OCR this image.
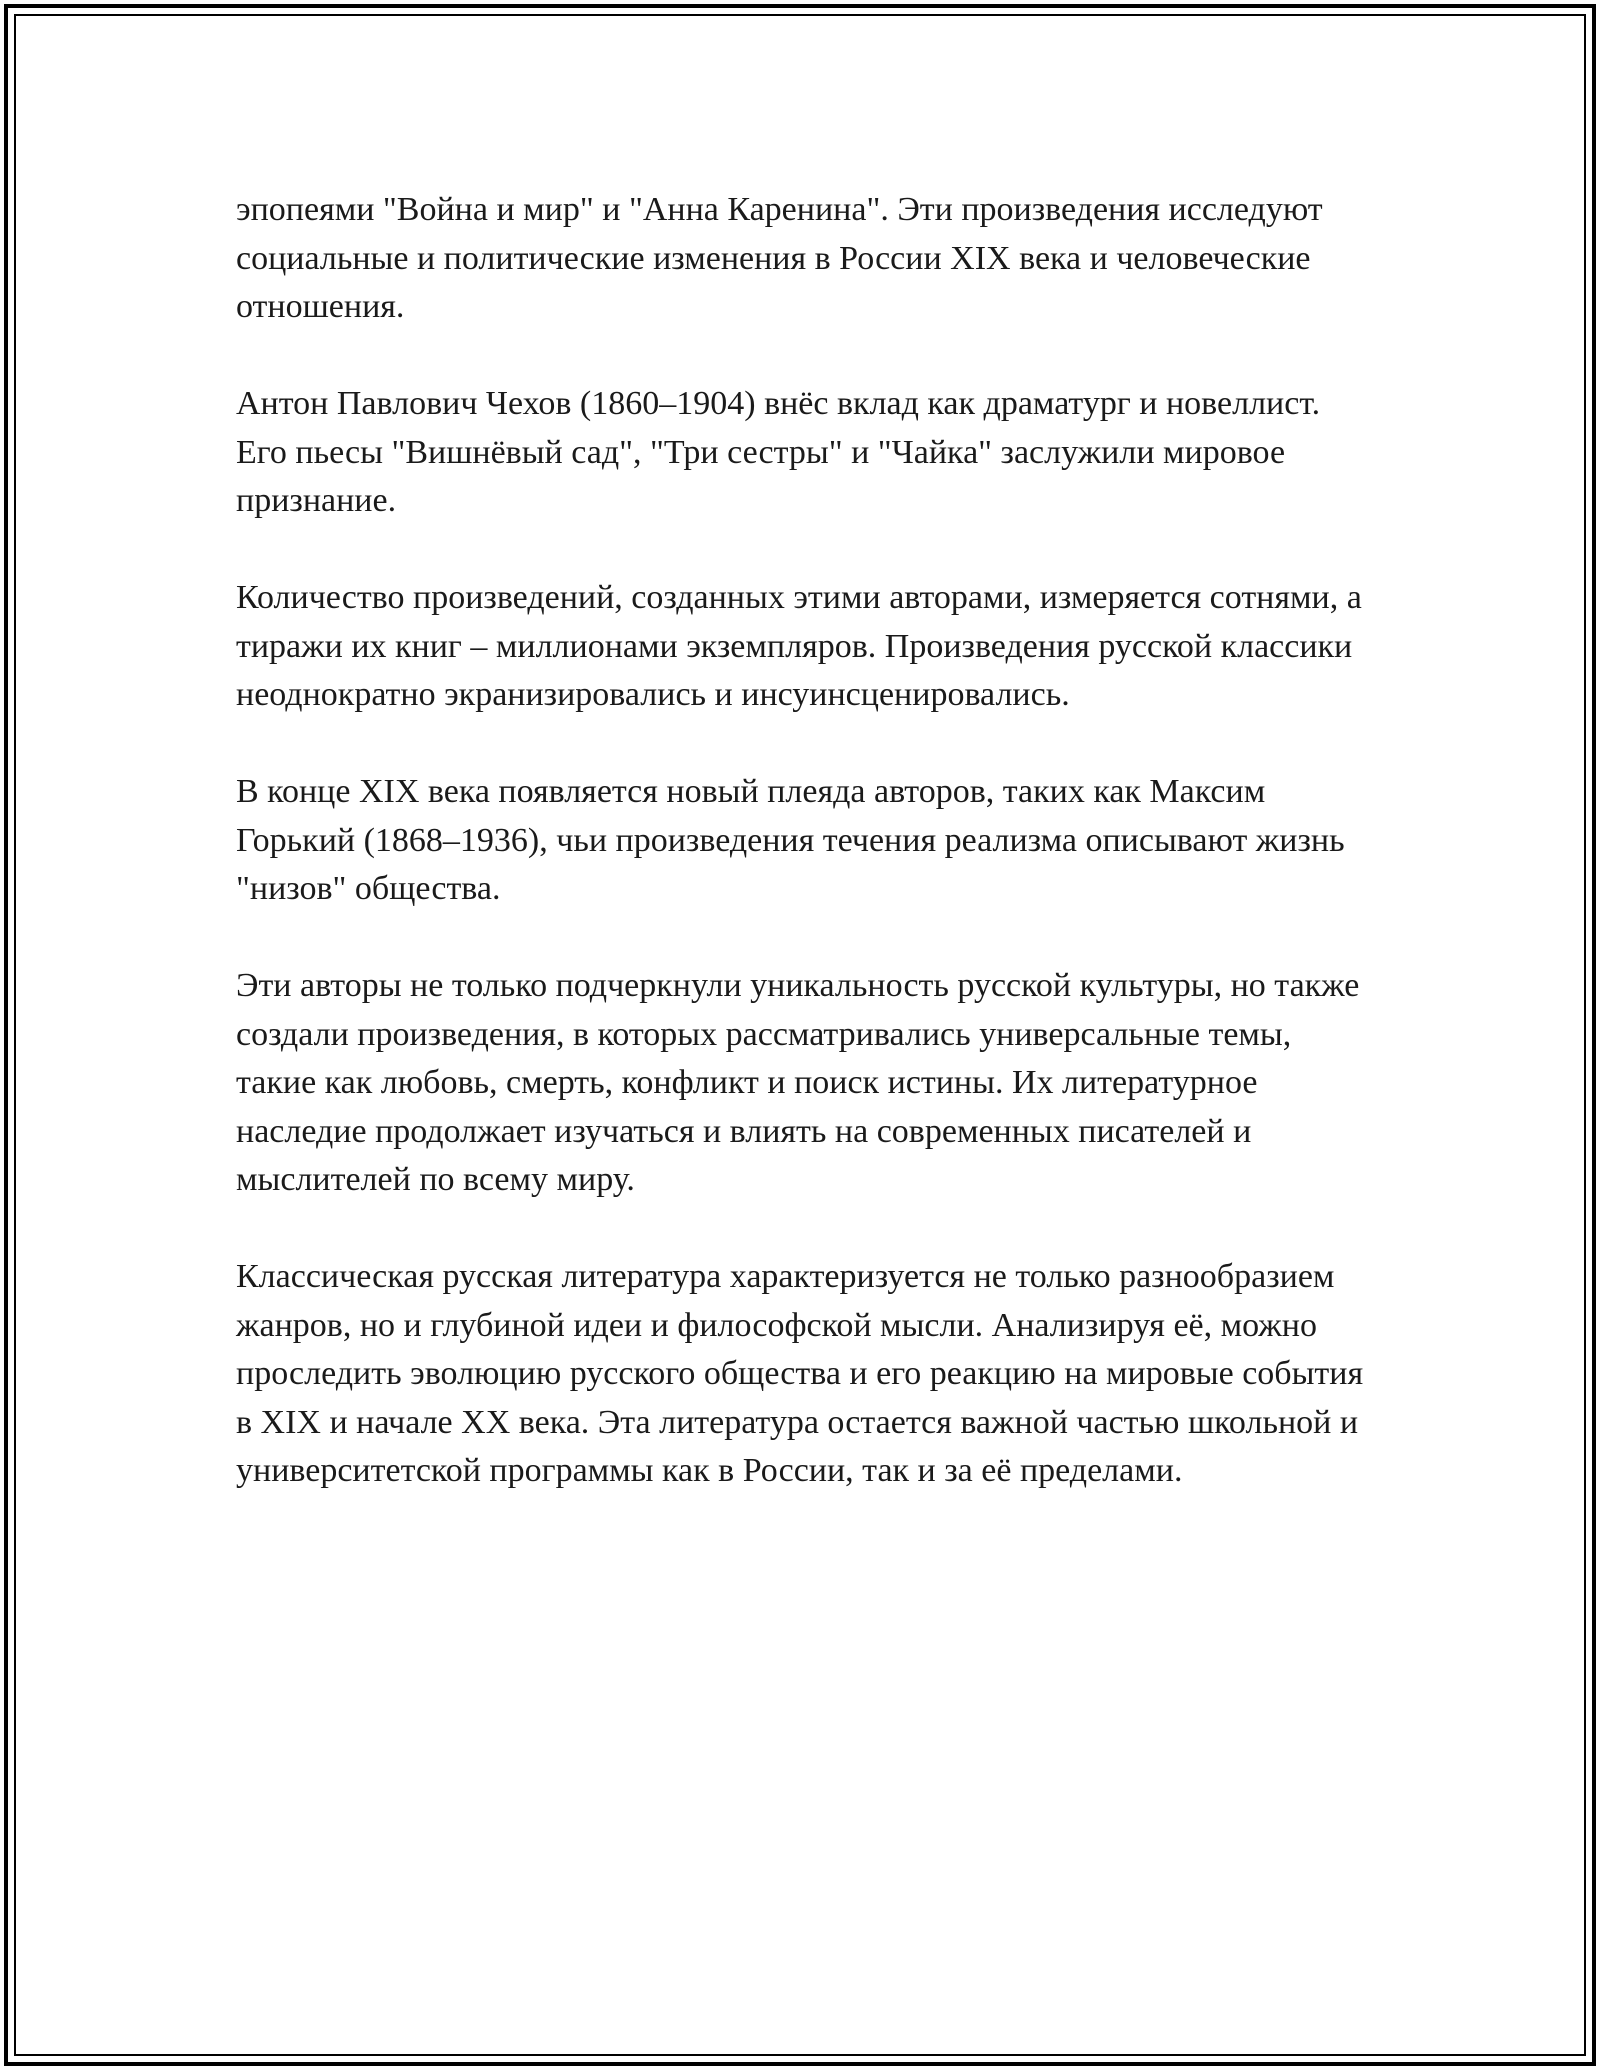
эпопеями "Война и мир" и "Анна Каренина". Эти произведения исследуют социальные и политические изменения в России XIX века и человеческие отношения.

Антон Павлович Чехов (1860–1904) внёс вклад как драматург и новеллист. Его пьесы "Вишнёвый сад", "Три сестры" и "Чайка" заслужили мировое признание.

Количество произведений, созданных этими авторами, измеряется сотнями, а тиражи их книг – миллионами экземпляров. Произведения русской классики неоднократно экранизировались и инсуинсценировались.

В конце XIX века появляется новый плеяда авторов, таких как Максим Горький (1868–1936), чьи произведения течения реализма описывают жизнь "низов" общества.

Эти авторы не только подчеркнули уникальность русской культуры, но также создали произведения, в которых рассматривались универсальные темы, такие как любовь, смерть, конфликт и поиск истины. Их литературное наследие продолжает изучаться и влиять на современных писателей и мыслителей по всему миру.

Классическая русская литература характеризуется не только разнообразием жанров, но и глубиной идеи и философской мысли. Анализируя её, можно проследить эволюцию русского общества и его реакцию на мировые события в XIX и начале XX века. Эта литература остается важной частью школьной и университетской программы как в России, так и за её пределами.
